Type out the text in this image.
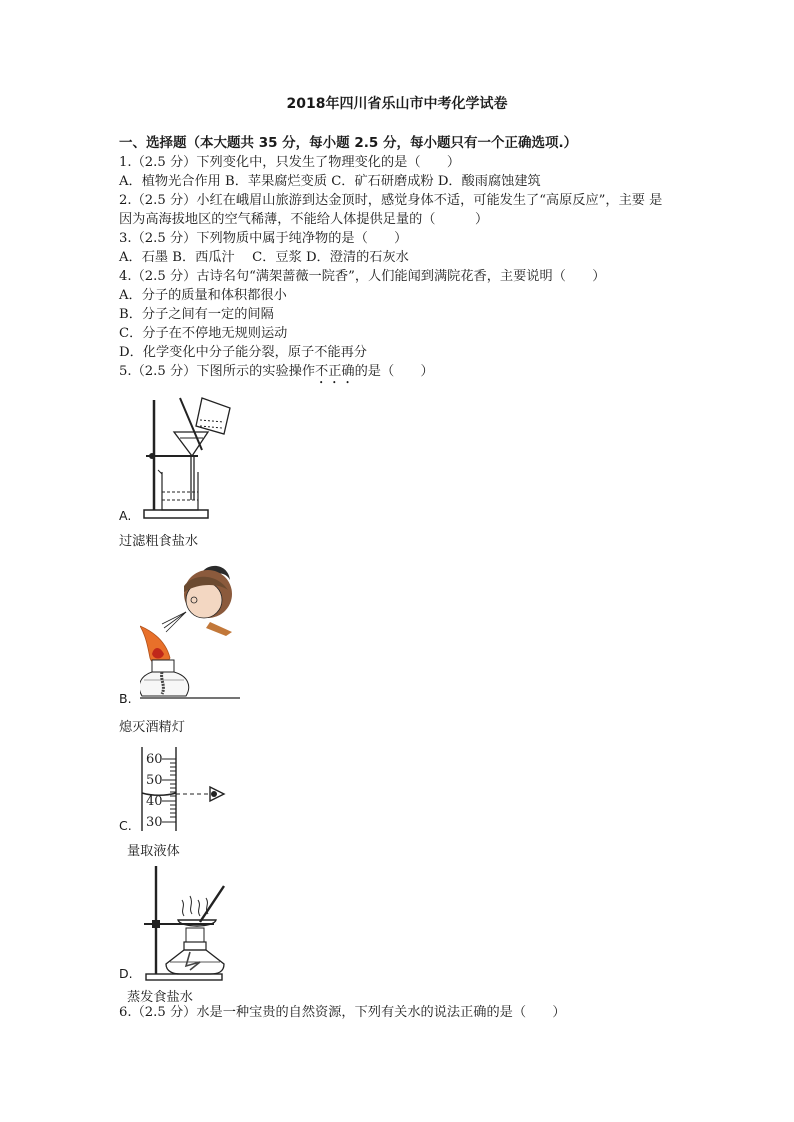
2018年四川省乐山市中考化学试卷
一、选择题（本大题共 35 分，每小题 2.5 分，每小题只有一个正确选项.）
1.（2.5 分）下列变化中，只发生了物理变化的是（　　）
A．植物光合作用 B．苹果腐烂变质 C．矿石研磨成粉 D．酸雨腐蚀建筑
2.（2.5 分）小红在峨眉山旅游到达金顶时，感觉身体不适，可能发生了“高原反应”，主要 是
因为高海拔地区的空气稀薄，不能给人体提供足量的（　　　）
3.（2.5 分）下列物质中属于纯净物的是（　　）
A．石墨 B．西瓜汁　 C．豆浆 D．澄清的石灰水
4.（2.5 分）古诗名句“满架蔷薇一院香”，人们能闻到满院花香，主要说明（　　）
A．分子的质量和体积都很小
B．分子之间有一定的间隔
C．分子在不停地无规则运动
D．化学变化中分子能分裂，原子不能再分
5.（2.5 分）下图所示的实验操作不正确的是（　　）
A.
过滤粗食盐水
B.
熄灭酒精灯
60
50
40
30
C.
量取液体
D.
蒸发食盐水
6.（2.5 分）水是一种宝贵的自然资源，下列有关水的说法正确的是（　　）
